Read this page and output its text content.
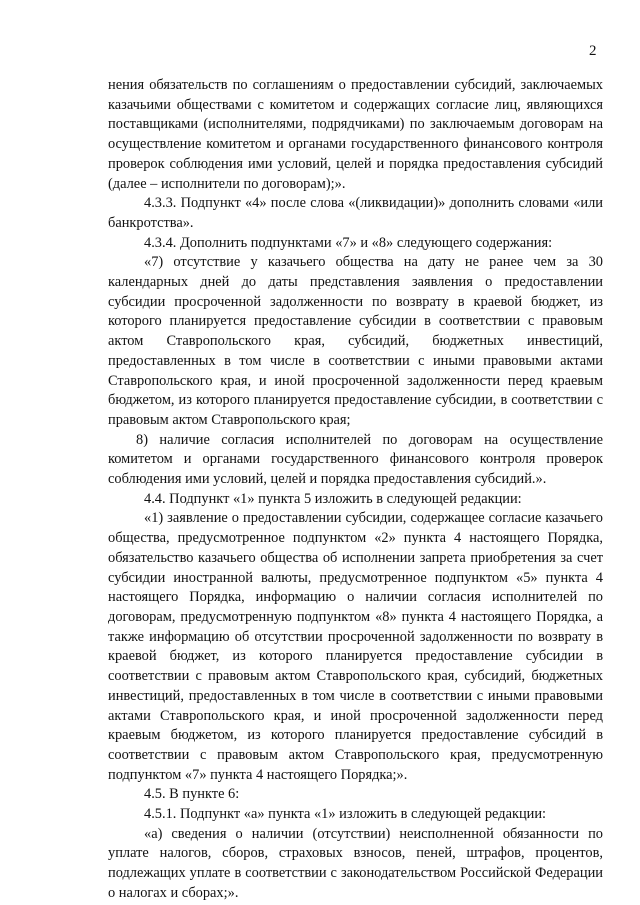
2

нения обязательств по соглашениям о предоставлении субсидий, заключаемых казачьими обществами с комитетом и содержащих согласие лиц, являющихся поставщиками (исполнителями, подрядчиками) по заключаемым договорам на осуществление комитетом и органами государственного финансового контроля проверок соблюдения ими условий, целей и порядка предоставления субсидий (далее – исполнители по договорам);».

4.3.3. Подпункт «4» после слова «(ликвидации)» дополнить словами «или банкротства».

4.3.4. Дополнить подпунктами «7» и «8» следующего содержания:

«7) отсутствие у казачьего общества на дату не ранее чем за 30 календарных дней до даты представления заявления о предоставлении субсидии просроченной задолженности по возврату в краевой бюджет, из которого планируется предоставление субсидии в соответствии с правовым актом Ставропольского края, субсидий, бюджетных инвестиций, предоставленных в том числе в соответствии с иными правовыми актами Ставропольского края, и иной просроченной задолженности перед краевым бюджетом, из которого планируется предоставление субсидии, в соответствии с правовым актом Ставропольского края;

8) наличие согласия исполнителей по договорам на осуществление комитетом и органами государственного финансового контроля проверок соблюдения ими условий, целей и порядка предоставления субсидий.».

4.4. Подпункт «1» пункта 5 изложить в следующей редакции:

«1) заявление о предоставлении субсидии, содержащее согласие казачьего общества, предусмотренное подпунктом «2» пункта 4 настоящего Порядка, обязательство казачьего общества об исполнении запрета приобретения за счет субсидии иностранной валюты, предусмотренное подпунктом «5» пункта 4 настоящего Порядка, информацию о наличии согласия исполнителей по договорам, предусмотренную подпунктом «8» пункта 4 настоящего Порядка, а также информацию об отсутствии просроченной задолженности по возврату в краевой бюджет, из которого планируется предоставление субсидии в соответствии с правовым актом Ставропольского края, субсидий, бюджетных инвестиций, предоставленных в том числе в соответствии с иными правовыми актами Ставропольского края, и иной просроченной задолженности перед краевым бюджетом, из которого планируется предоставление субсидий в соответствии с правовым актом Ставропольского края, предусмотренную подпунктом «7» пункта 4 настоящего Порядка;».

4.5. В пункте 6:

4.5.1. Подпункт «а» пункта «1» изложить в следующей редакции:

«а) сведения о наличии (отсутствии) неисполненной обязанности по уплате налогов, сборов, страховых взносов, пеней, штрафов, процентов, подлежащих уплате в соответствии с законодательством Российской Федерации о налогах и сборах;».
